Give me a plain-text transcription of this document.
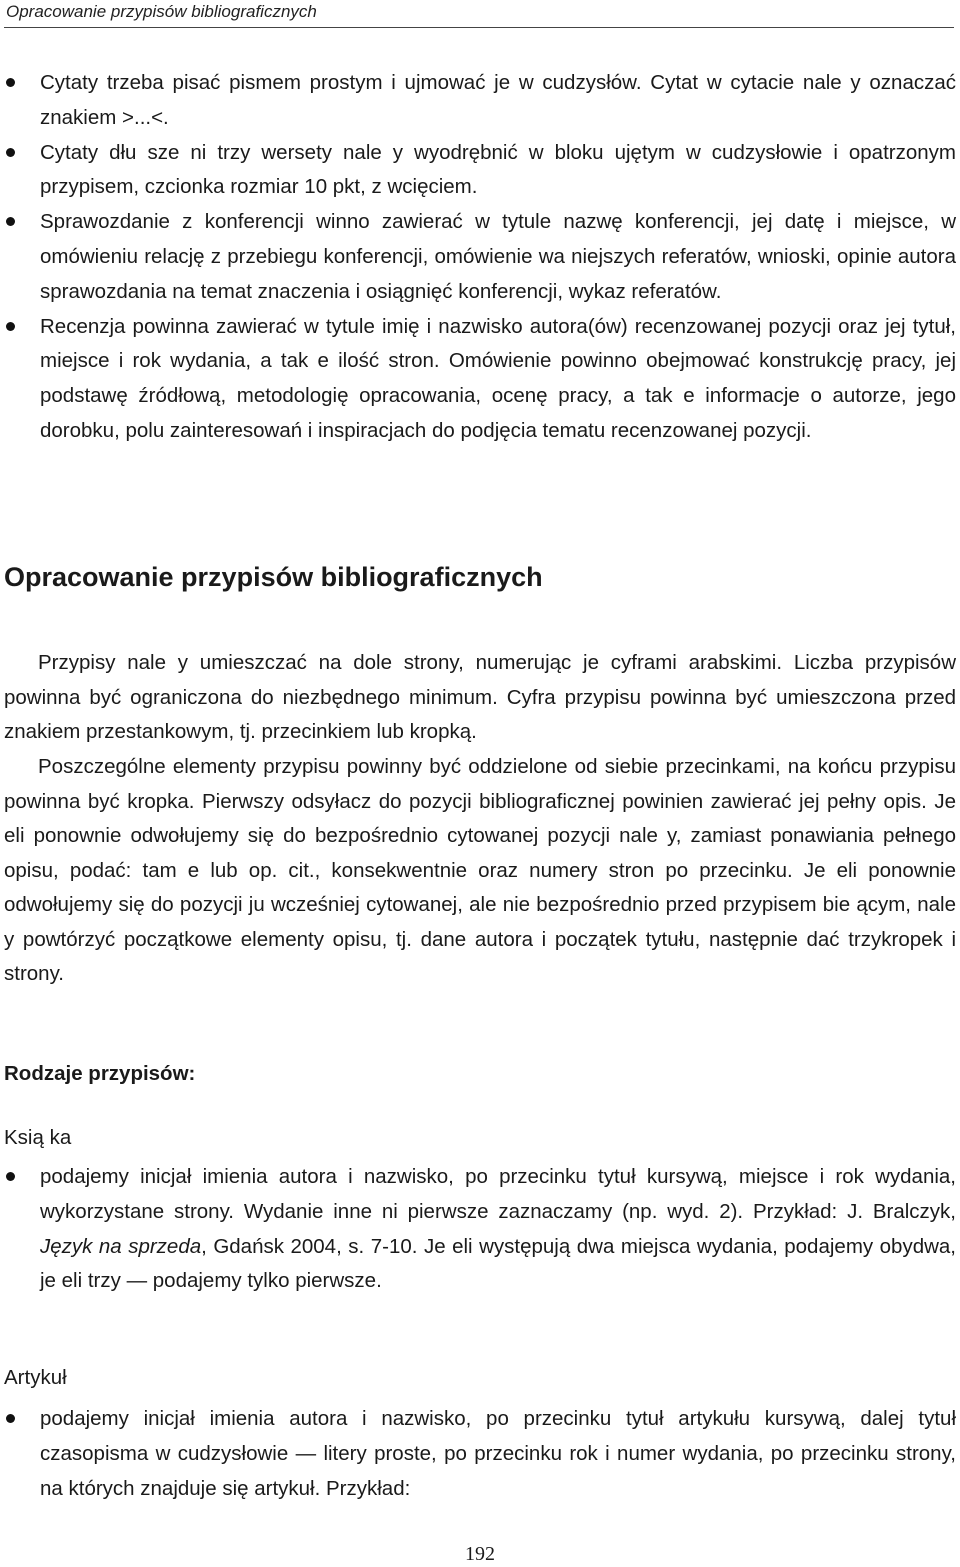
Opracowanie przypisów bibliograficznych
Cytaty trzeba pisać pismem prostym i ujmować je w cudzysłów. Cytat w cytacie nale y oznaczać znakiem >...<.
Cytaty dłu sze ni trzy wersety nale y wyodrębnić w bloku ujętym w cudzysłowie i opatrzonym przypisem, czcionka rozmiar 10 pkt, z wcięciem.
Sprawozdanie z konferencji winno zawierać w tytule nazwę konferencji, jej datę i miejsce, w omówieniu relację z przebiegu konferencji, omówienie wa niejszych referatów, wnioski, opinie autora sprawozdania na temat znaczenia i osiągnięć konferencji, wykaz referatów.
Recenzja powinna zawierać w tytule imię i nazwisko autora(ów) recenzowanej pozycji oraz jej tytuł, miejsce i rok wydania, a tak e ilość stron. Omówienie powinno obejmować konstrukcję pracy, jej podstawę źródłową, metodologię opracowania, ocenę pracy, a tak e informacje o autorze, jego dorobku, polu zainteresowań i inspiracjach do podjęcia tematu recenzowanej pozycji.
Opracowanie przypisów bibliograficznych
Przypisy nale y umieszczać na dole strony, numerując je cyframi arabskimi. Liczba przypisów powinna być ograniczona do niezbędnego minimum. Cyfra przypisu powinna być umieszczona przed znakiem przestankowym, tj. przecinkiem lub kropką.
Poszczególne elementy przypisu powinny być oddzielone od siebie przecinkami, na końcu przypisu powinna być kropka. Pierwszy odsyłacz do pozycji bibliograficznej powinien zawierać jej pełny opis. Je eli ponownie odwołujemy się do bezpośrednio cytowanej pozycji nale y, zamiast ponawiania pełnego opisu, podać: tam e lub op. cit., konsekwentnie oraz numery stron po przecinku. Je eli ponownie odwołujemy się do pozycji ju wcześniej cytowanej, ale nie bezpośrednio przed przypisem bie ącym, nale y powtórzyć początkowe elementy opisu, tj. dane autora i początek tytułu, następnie dać trzykropek i strony.
Rodzaje przypisów:
Ksią ka
podajemy inicjał imienia autora i nazwisko, po przecinku tytuł kursywą, miejsce i rok wydania, wykorzystane strony. Wydanie inne ni pierwsze zaznaczamy (np. wyd. 2). Przykład: J. Bralczyk, Język na sprzeda, Gdańsk 2004, s. 7-10. Je eli występują dwa miejsca wydania, podajemy obydwa, je eli trzy — podajemy tylko pierwsze.
Artykuł
podajemy inicjał imienia autora i nazwisko, po przecinku tytuł artykułu kursywą, dalej tytuł czasopisma w cudzysłowie — litery proste, po przecinku rok i numer wydania, po przecinku strony, na których znajduje się artykuł. Przykład:
192
